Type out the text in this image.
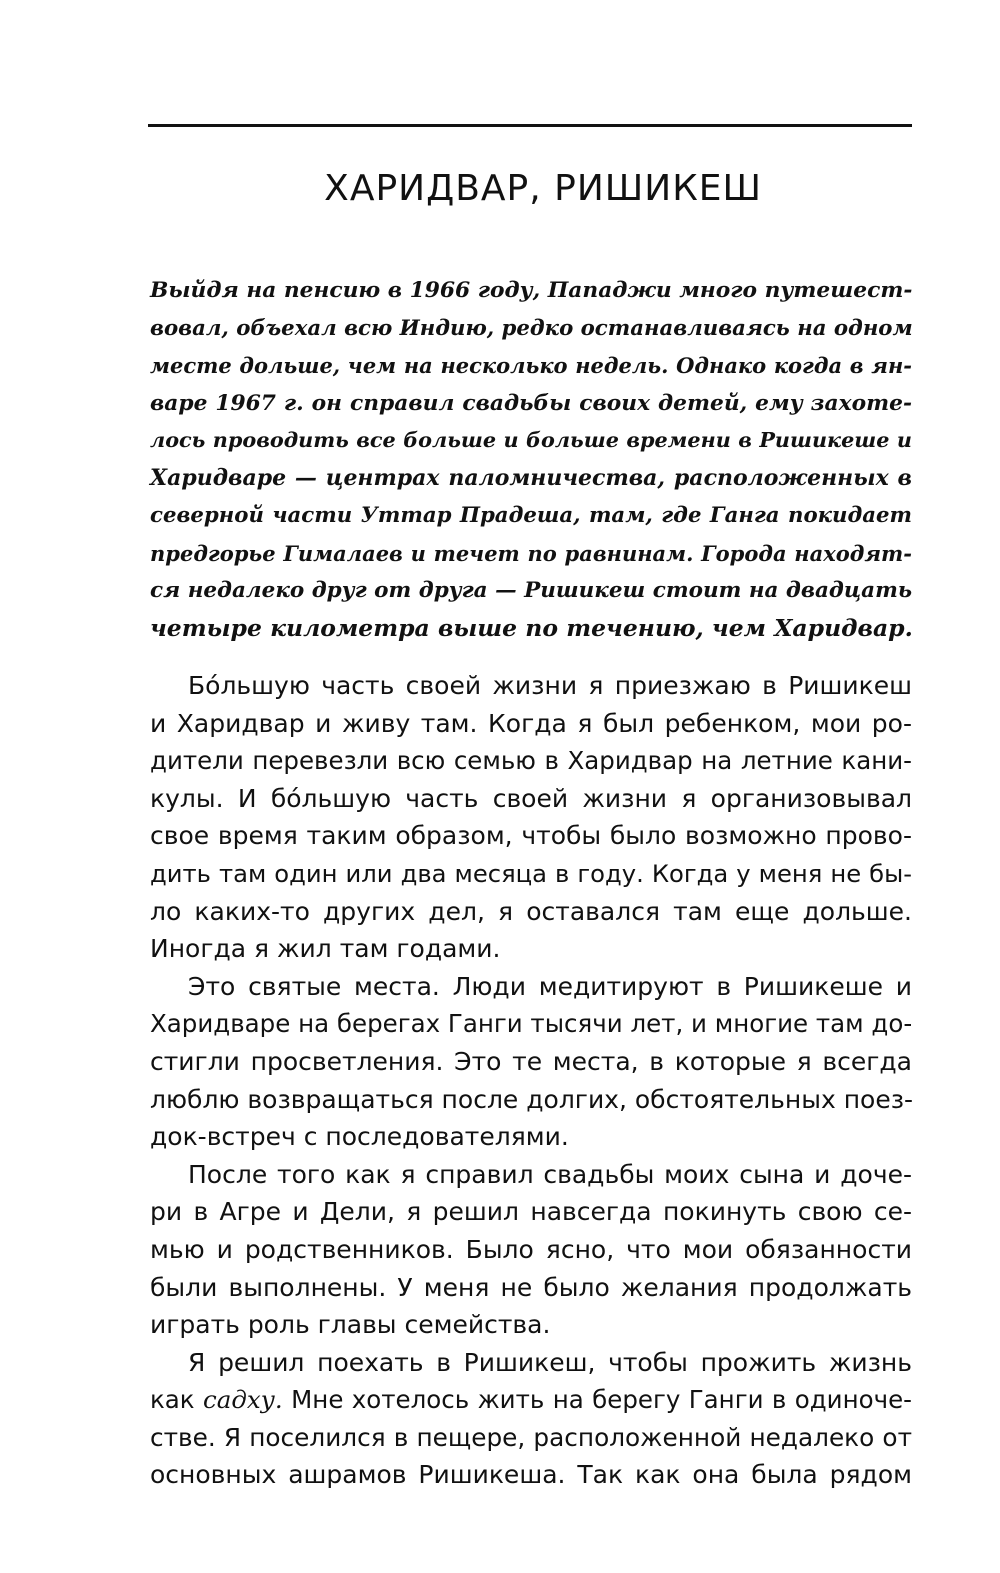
ХАРИДВАР, РИШИКЕШ
Выйдя на пенсию в 1966 году, Пападжи много путешест-
вовал, объехал всю Индию, редко останавливаясь на одном
месте дольше, чем на несколько недель. Однако когда в ян-
варе 1967 г. он справил свадьбы своих детей, ему захоте-
лось проводить все больше и больше времени в Ришикеше и
Харидваре — центрах паломничества, расположенных в
северной части Уттар Прадеша, там, где Ганга покидает
предгорье Гималаев и течет по равнинам. Города находят-
ся недалеко друг от друга — Ришикеш стоит на двадцать
четыре километра выше по течению, чем Харидвар.
Бо́льшую часть своей жизни я приезжаю в Ришикеш
и Харидвар и живу там. Когда я был ребенком, мои ро-
дители перевезли всю семью в Харидвар на летние кани-
кулы. И бо́льшую часть своей жизни я организовывал
свое время таким образом, чтобы было возможно прово-
дить там один или два месяца в году. Когда у меня не бы-
ло каких-то других дел, я оставался там еще дольше.
Иногда я жил там годами.
Это святые места. Люди медитируют в Ришикеше и
Харидваре на берегах Ганги тысячи лет, и многие там до-
стигли просветления. Это те места, в которые я всегда
люблю возвращаться после долгих, обстоятельных поез-
док-встреч с последователями.
После того как я справил свадьбы моих сына и доче-
ри в Агре и Дели, я решил навсегда покинуть свою се-
мью и родственников. Было ясно, что мои обязанности
были выполнены. У меня не было желания продолжать
играть роль главы семейства.
Я решил поехать в Ришикеш, чтобы прожить жизнь
как садху. Мне хотелось жить на берегу Ганги в одиноче-
стве. Я поселился в пещере, расположенной недалеко от
основных ашрамов Ришикеша. Так как она была рядом
